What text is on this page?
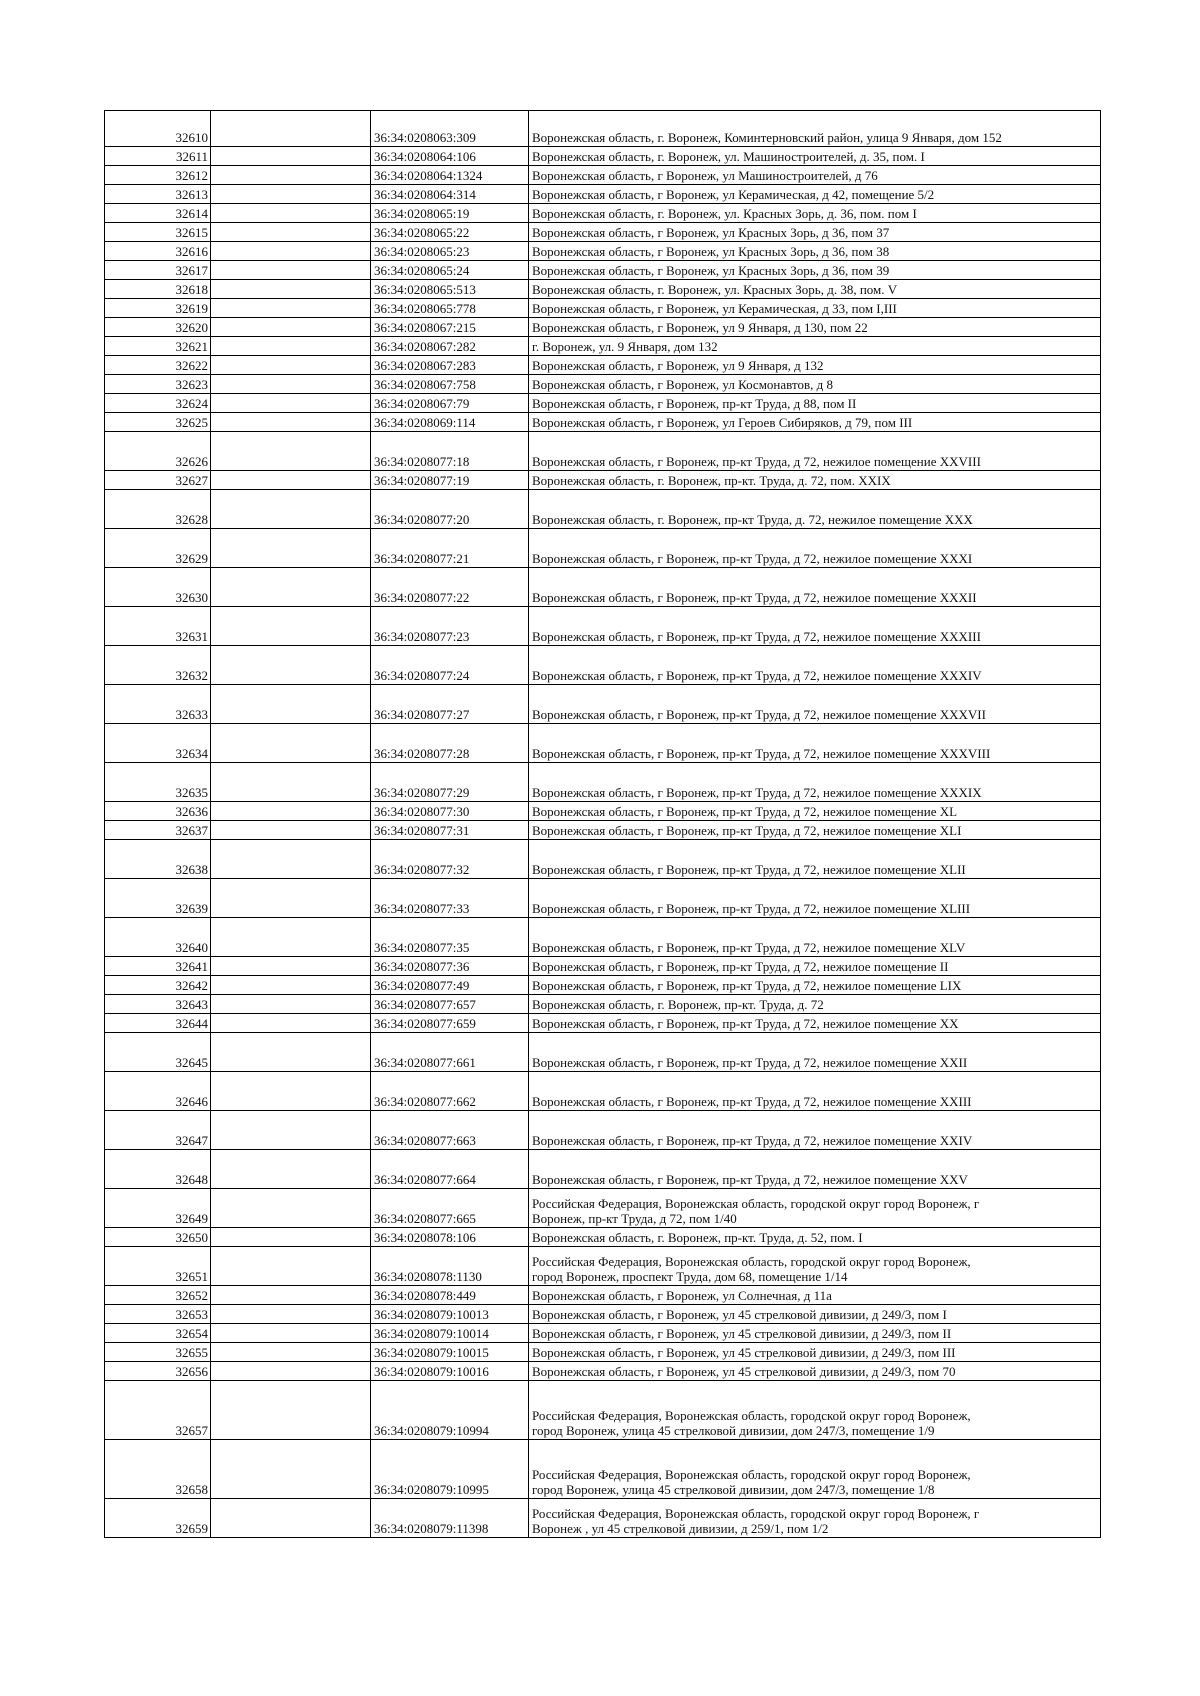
32610		36:34:0208063:309	Воронежская область, г. Воронеж, Коминтерновский район, улица 9 Января, дом 152

32611		36:34:0208064:106	Воронежская область, г. Воронеж, ул. Машиностроителей, д. 35, пом. I

32612		36:34:0208064:1324	Воронежская область, г Воронеж, ул Машиностроителей, д 76

32613		36:34:0208064:314	Воронежская область, г Воронеж, ул Керамическая, д 42, помещение 5/2

32614		36:34:0208065:19	Воронежская область, г. Воронеж, ул. Красных Зорь, д. 36, пом. пом I

32615		36:34:0208065:22	Воронежская область, г Воронеж, ул Красных Зорь, д 36, пом 37

32616		36:34:0208065:23	Воронежская область, г Воронеж, ул Красных Зорь, д 36, пом 38

32617		36:34:0208065:24	Воронежская область, г Воронеж, ул Красных Зорь, д 36, пом 39

32618		36:34:0208065:513	Воронежская область, г. Воронеж, ул. Красных Зорь, д. 38, пом. V

32619		36:34:0208065:778	Воронежская область, г Воронеж, ул Керамическая, д 33, пом I,III

32620		36:34:0208067:215	Воронежская область, г Воронеж, ул 9 Января, д 130, пом 22

32621		36:34:0208067:282	г. Воронеж, ул. 9 Января, дом 132

32622		36:34:0208067:283	Воронежская область, г Воронеж, ул 9 Января, д 132

32623		36:34:0208067:758	Воронежская область, г Воронеж, ул Космонавтов, д 8

32624		36:34:0208067:79	Воронежская область, г Воронеж, пр-кт Труда, д 88, пом II

32625		36:34:0208069:114	Воронежская область, г Воронеж, ул Героев Сибиряков, д 79, пом III

32626		36:34:0208077:18	Воронежская область, г Воронеж, пр-кт Труда, д 72, нежилое помещение XXVIII

32627		36:34:0208077:19	Воронежская область, г. Воронеж, пр-кт. Труда, д. 72, пом. XXIX

32628		36:34:0208077:20	Воронежская область, г. Воронеж, пр-кт Труда, д. 72, нежилое помещение XXX

32629		36:34:0208077:21	Воронежская область, г Воронеж, пр-кт Труда, д 72, нежилое помещение XXXI

32630		36:34:0208077:22	Воронежская область, г Воронеж, пр-кт Труда, д 72, нежилое помещение XXXII

32631		36:34:0208077:23	Воронежская область, г Воронеж, пр-кт Труда, д 72, нежилое помещение XXXIII

32632		36:34:0208077:24	Воронежская область, г Воронеж, пр-кт Труда, д 72, нежилое помещение XXXIV

32633		36:34:0208077:27	Воронежская область, г Воронеж, пр-кт Труда, д 72, нежилое помещение XXXVII

32634		36:34:0208077:28	Воронежская область, г Воронеж, пр-кт Труда, д 72, нежилое помещение XXXVIII

32635		36:34:0208077:29	Воронежская область, г Воронеж, пр-кт Труда, д 72, нежилое помещение XXXIX

32636		36:34:0208077:30	Воронежская область, г Воронеж, пр-кт Труда, д 72, нежилое помещение XL

32637		36:34:0208077:31	Воронежская область, г Воронеж, пр-кт Труда, д 72, нежилое помещение XLI

32638		36:34:0208077:32	Воронежская область, г Воронеж, пр-кт Труда, д 72, нежилое помещение XLII

32639		36:34:0208077:33	Воронежская область, г Воронеж, пр-кт Труда, д 72, нежилое помещение XLIII

32640		36:34:0208077:35	Воронежская область, г Воронеж, пр-кт Труда, д 72, нежилое помещение XLV

32641		36:34:0208077:36	Воронежская область, г Воронеж, пр-кт Труда, д 72, нежилое помещение II

32642		36:34:0208077:49	Воронежская область, г Воронеж, пр-кт Труда, д 72, нежилое помещение LIX

32643		36:34:0208077:657	Воронежская область, г. Воронеж, пр-кт. Труда, д. 72

32644		36:34:0208077:659	Воронежская область, г Воронеж, пр-кт Труда, д 72, нежилое помещение XX

32645		36:34:0208077:661	Воронежская область, г Воронеж, пр-кт Труда, д 72, нежилое помещение XXII

32646		36:34:0208077:662	Воронежская область, г Воронеж, пр-кт Труда, д 72, нежилое помещение XXIII

32647		36:34:0208077:663	Воронежская область, г Воронеж, пр-кт Труда, д 72, нежилое помещение XXIV

32648		36:34:0208077:664	Воронежская область, г Воронеж, пр-кт Труда, д 72, нежилое помещение XXV

32649		36:34:0208077:665	Российская Федерация, Воронежская область, городской округ город Воронеж, г
Воронеж, пр-кт Труда, д 72, пом 1/40

32650		36:34:0208078:106	Воронежская область, г. Воронеж, пр-кт. Труда, д. 52, пом. I

32651		36:34:0208078:1130	Российская Федерация, Воронежская область, городской округ город Воронеж,
город Воронеж, проспект Труда, дом 68, помещение 1/14

32652		36:34:0208078:449	Воронежская область, г Воронеж, ул Солнечная, д 11а

32653		36:34:0208079:10013	Воронежская область, г Воронеж, ул 45 стрелковой дивизии, д 249/3, пом I

32654		36:34:0208079:10014	Воронежская область, г Воронеж, ул 45 стрелковой дивизии, д 249/3, пом II

32655		36:34:0208079:10015	Воронежская область, г Воронеж, ул 45 стрелковой дивизии, д 249/3, пом III

32656		36:34:0208079:10016	Воронежская область, г Воронеж, ул 45 стрелковой дивизии, д 249/3, пом 70

32657		36:34:0208079:10994	Российская Федерация, Воронежская область, городской округ город Воронеж,
город Воронеж, улица 45 стрелковой дивизии, дом 247/3, помещение 1/9

32658		36:34:0208079:10995	Российская Федерация, Воронежская область, городской округ город Воронеж,
город Воронеж, улица 45 стрелковой дивизии, дом 247/3, помещение 1/8

32659		36:34:0208079:11398	Российская Федерация, Воронежская область, городской округ город Воронеж, г
Воронеж , ул 45 стрелковой дивизии, д 259/1, пом 1/2
